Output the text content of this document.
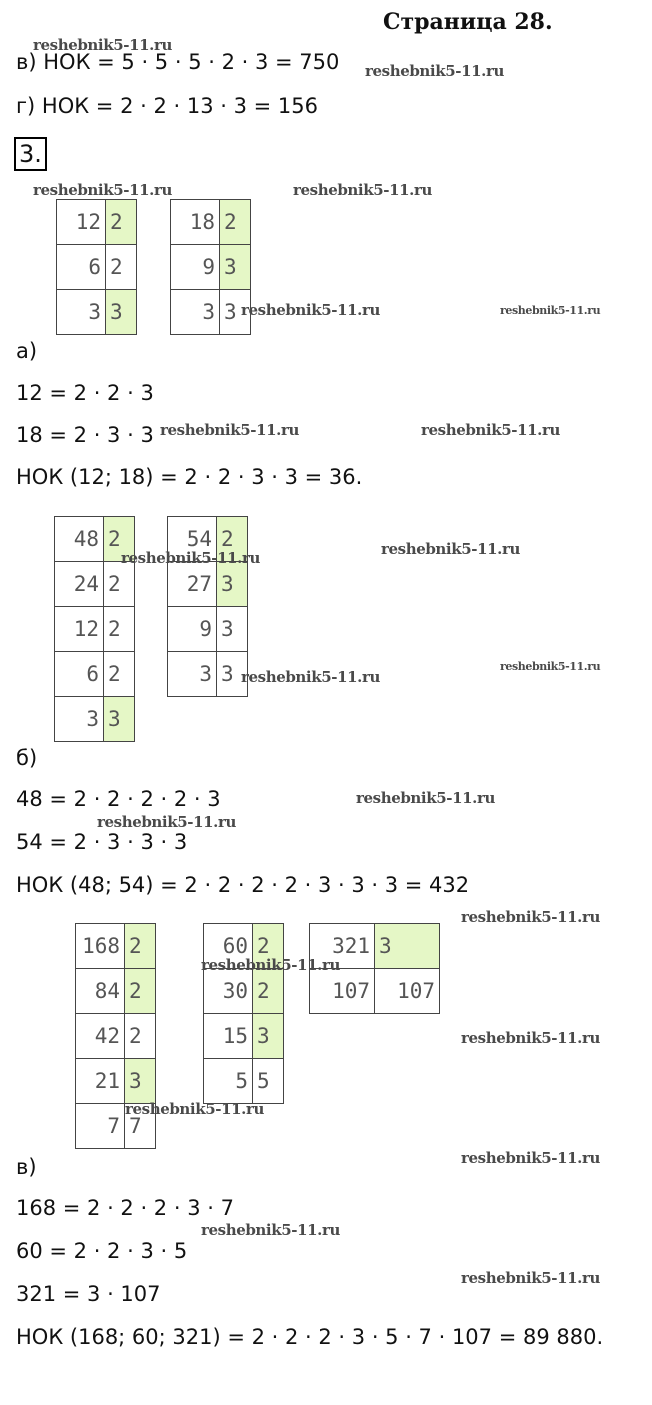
Страница 28.
в) НОК = 5 · 5 · 5 · 2 · 3 = 750
г) НОК = 2 · 2 · 13 · 3 = 156
3.
12	2
6	2
3	3
18	2
9	3
3	3
а)
12 = 2 · 2 · 3
18 = 2 · 3 · 3
НОК (12; 18) = 2 · 2 · 3 · 3 = 36.
48	2
24	2
12	2
6	2
3	3
54	2
27	3
9	3
3	3
б)
48 = 2 · 2 · 2 · 2 · 3
54 = 2 · 3 · 3 · 3
НОК (48; 54) = 2 · 2 · 2 · 2 · 3 · 3 · 3 = 432
168	2
84	2
42	2
21	3
7	7
60	2
30	2
15	3
5	5
321	3
107	107
в)
168 = 2 · 2 · 2 · 3 · 7
60 = 2 · 2 · 3 · 5
321 = 3 · 107
НОК (168; 60; 321) = 2 · 2 · 2 · 3 · 5 · 7 · 107 = 89 880.
reshebnik5-11.ru
reshebnik5-11.ru
reshebnik5-11.ru	reshebnik5-11.ru
reshebnik5-11.ru	reshebnik5-11.ru
reshebnik5-11.ru	reshebnik5-11.ru
reshebnik5-11.ru	reshebnik5-11.ru
reshebnik5-11.ru
reshebnik5-11.ru
reshebnik5-11.ru
reshebnik5-11.ru
reshebnik5-11.ru
reshebnik5-11.ru
reshebnik5-11.ru
reshebnik5-11.ru
reshebnik5-11.ru
reshebnik5-11.ru
reshebnik5-11.ru
